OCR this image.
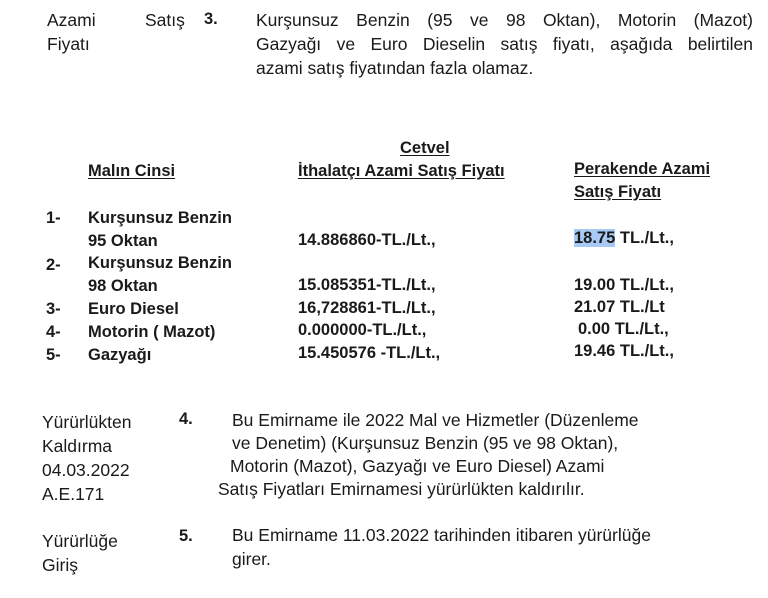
Azami	Satış
Fiyatı
3. Kurşunsuz Benzin (95 ve 98 Oktan), Motorin (Mazot)
Gazyağı ve Euro Dieselin satış fiyatı, aşağıda belirtilen
azami satış fiyatından fazla olamaz.
Cetvel
Malın Cinsi	İthalatçı Azami Satış Fiyatı	Perakende Azami
Satış Fiyatı
1- Kurşunsuz Benzin
95 Oktan	14.886860-TL./Lt.,	18.75 TL./Lt.,
2- Kurşunsuz Benzin
98 Oktan	15.085351-TL./Lt.,	19.00 TL./Lt.,
3- Euro Diesel	16,728861-TL./Lt.,	21.07 TL./Lt
4- Motorin ( Mazot)	0.000000-TL./Lt.,	0.00 TL./Lt.,
5- Gazyağı	15.450576 -TL./Lt.,	19.46 TL./Lt.,
Yürürlükten
Kaldırma
04.03.2022
A.E.171
4. Bu Emirname ile 2022 Mal ve Hizmetler (Düzenleme
ve Denetim) (Kurşunsuz Benzin (95 ve 98 Oktan),
Motorin (Mazot), Gazyağı ve Euro Diesel) Azami
Satış Fiyatları Emirnamesi yürürlükten kaldırılır.
Yürürlüğe
Giriş
5. Bu Emirname 11.03.2022 tarihinden itibaren yürürlüğe
girer.
